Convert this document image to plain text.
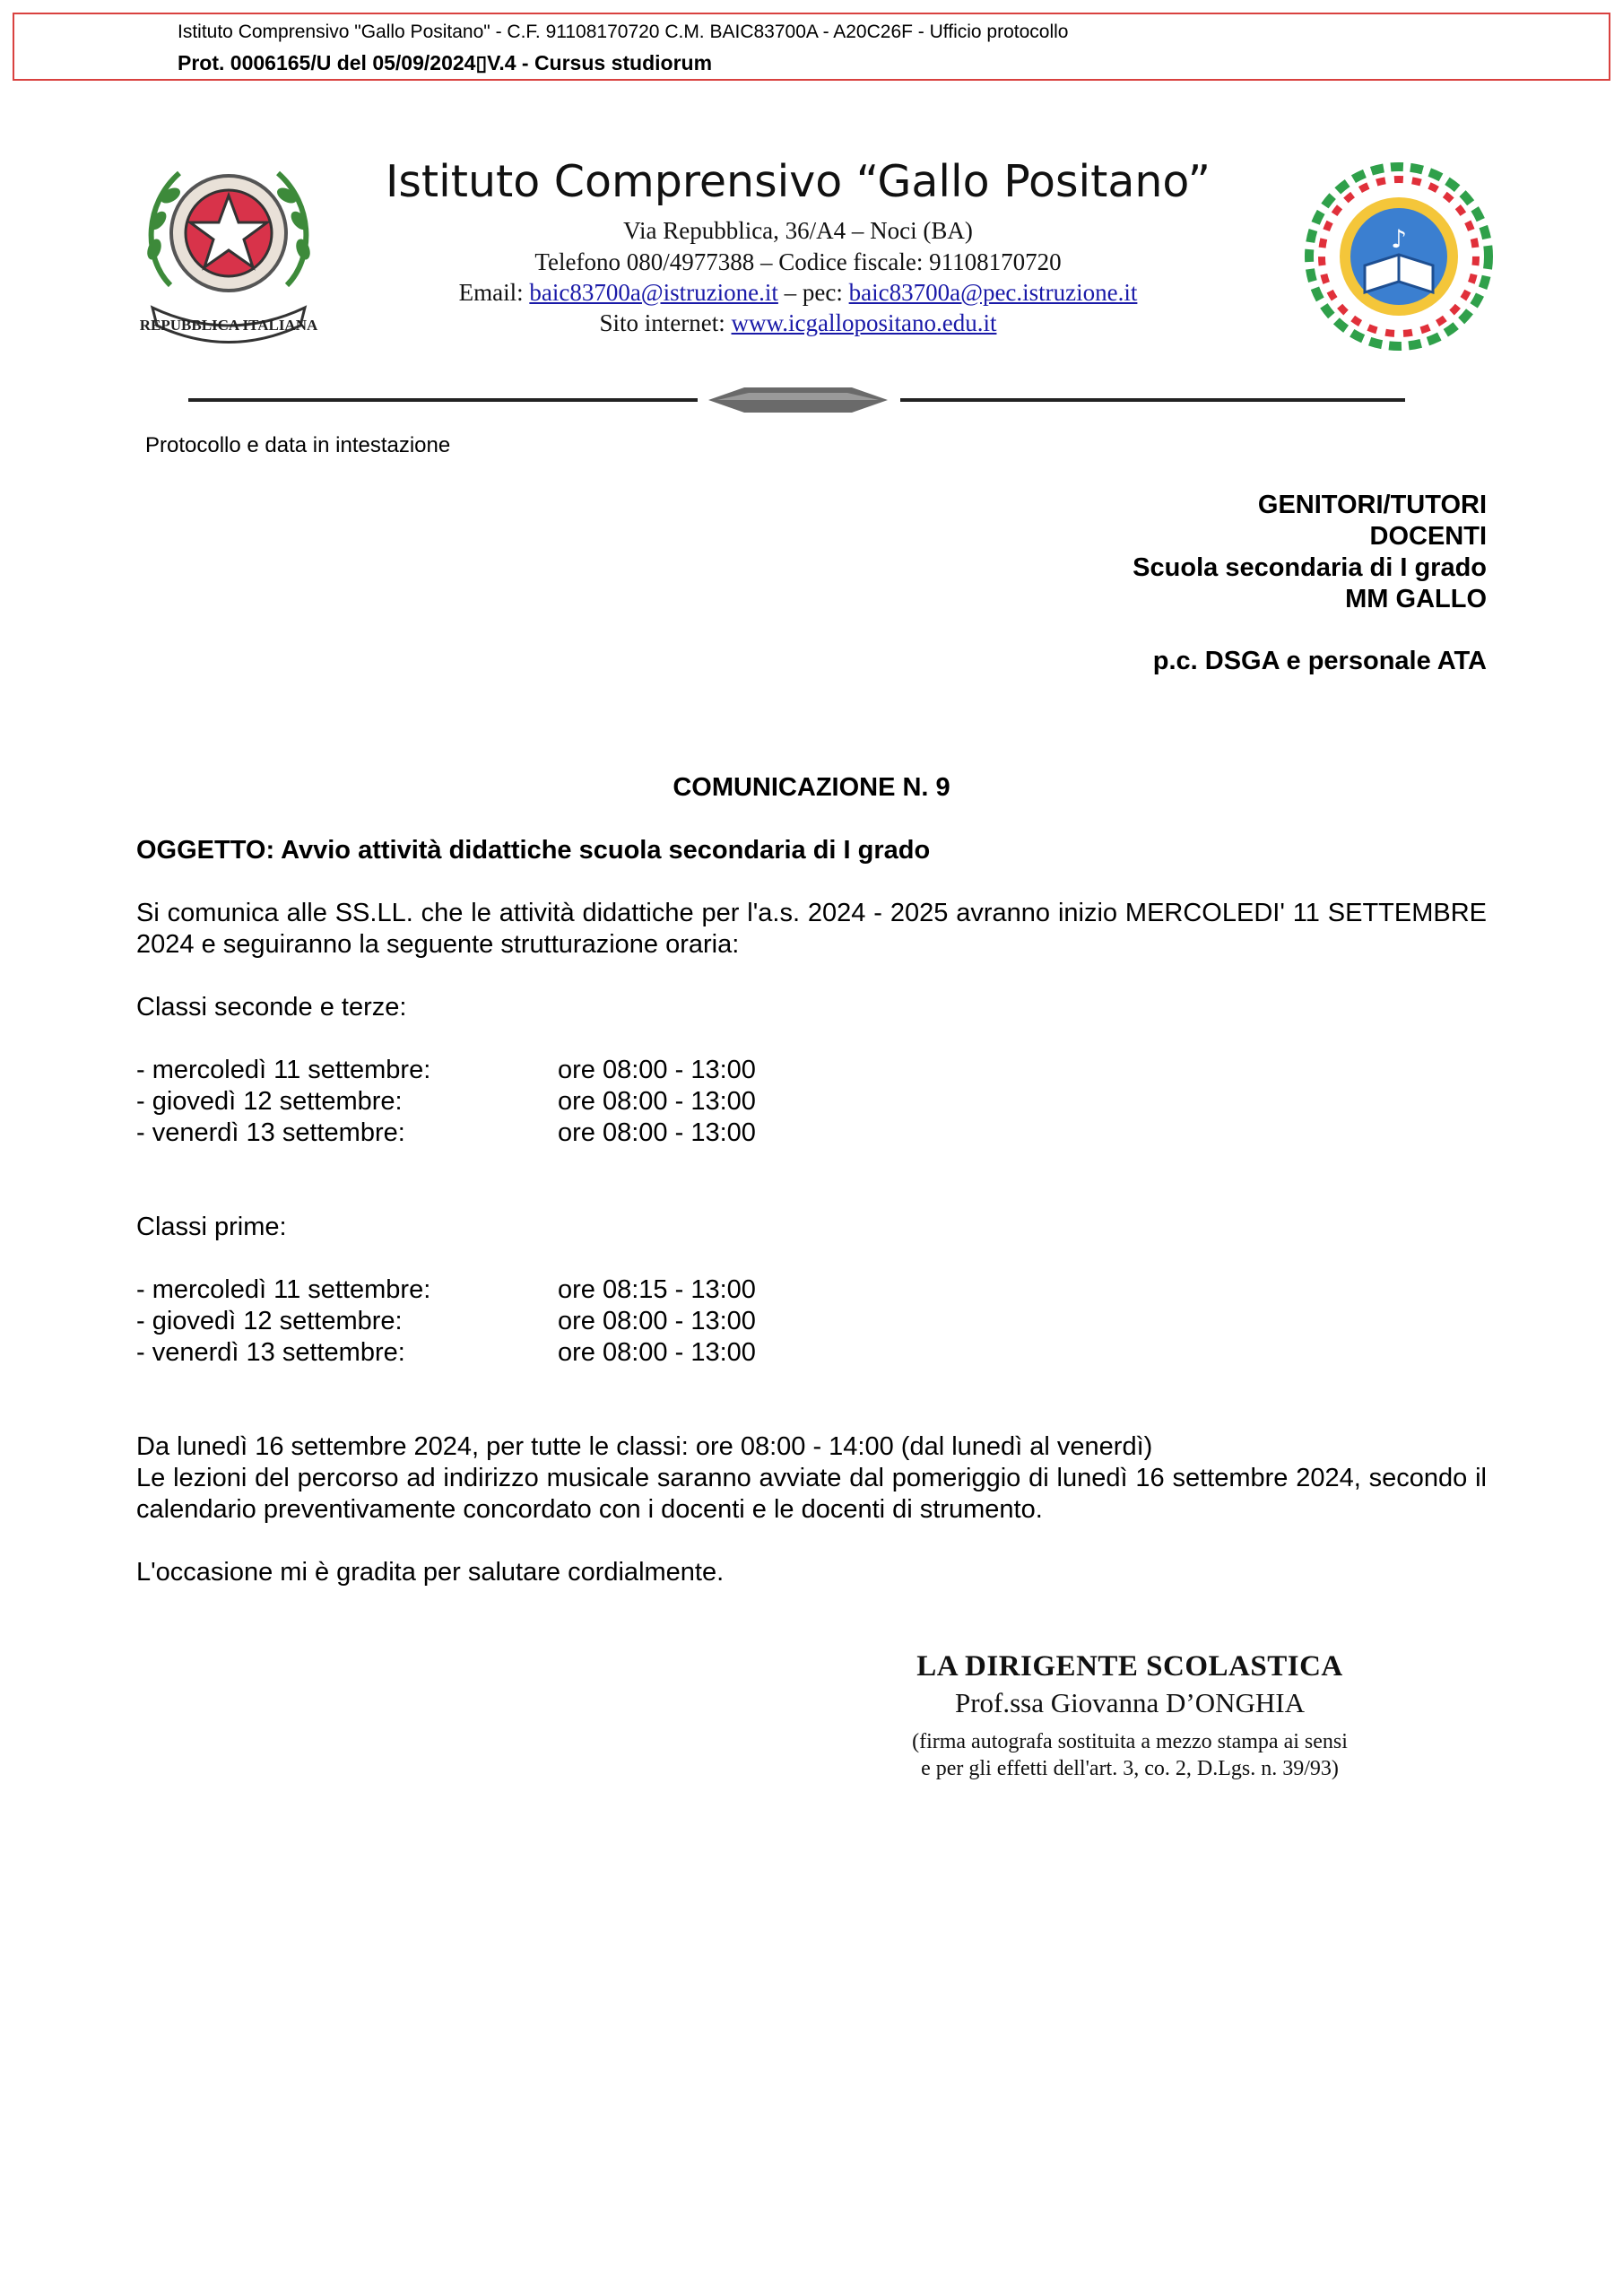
Istituto Comprensivo "Gallo Positano" - C.F. 91108170720 C.M. BAIC83700A - A20C26F - Ufficio protocollo
Prot. 0006165/U del 05/09/2024▯V.4 - Cursus studiorum
REPUBBLICA ITALIANA
♪
Istituto Comprensivo “Gallo Positano”
Via Repubblica, 36/A4 – Noci (BA)
Telefono 080/4977388 – Codice fiscale: 91108170720
Email: baic83700a@istruzione.it – pec: baic83700a@pec.istruzione.it
Sito internet: www.icgallopositano.edu.it
Protocollo e data in intestazione
GENITORI/TUTORI
DOCENTI
Scuola secondaria di I grado
MM GALLO
p.c. DSGA e personale ATA
COMUNICAZIONE N. 9
OGGETTO: Avvio attività didattiche scuola secondaria di I grado
Si comunica alle SS.LL. che le attività didattiche per l'a.s. 2024 - 2025 avranno inizio MERCOLEDI' 11 SETTEMBRE 2024 e seguiranno la seguente strutturazione oraria:
Classi seconde e terze:
- mercoledì 11 settembre:	ore 08:00 - 13:00
- giovedì 12 settembre:	ore 08:00 - 13:00
- venerdì 13 settembre:	ore 08:00 - 13:00
Classi prime:
- mercoledì 11 settembre:	ore 08:15 - 13:00
- giovedì 12 settembre:	ore 08:00 - 13:00
- venerdì 13 settembre:	ore 08:00 - 13:00
Da lunedì 16 settembre 2024, per tutte le classi: ore 08:00 - 14:00 (dal lunedì al venerdì)
Le lezioni del percorso ad indirizzo musicale saranno avviate dal pomeriggio di lunedì 16 settembre 2024, secondo il calendario preventivamente concordato con i docenti e le docenti di strumento.
L'occasione mi è gradita per salutare cordialmente.
LA DIRIGENTE SCOLASTICA
Prof.ssa Giovanna D’ONGHIA
(firma autografa sostituita a mezzo stampa ai sensi
e per gli effetti dell'art. 3, co. 2, D.Lgs. n. 39/93)
